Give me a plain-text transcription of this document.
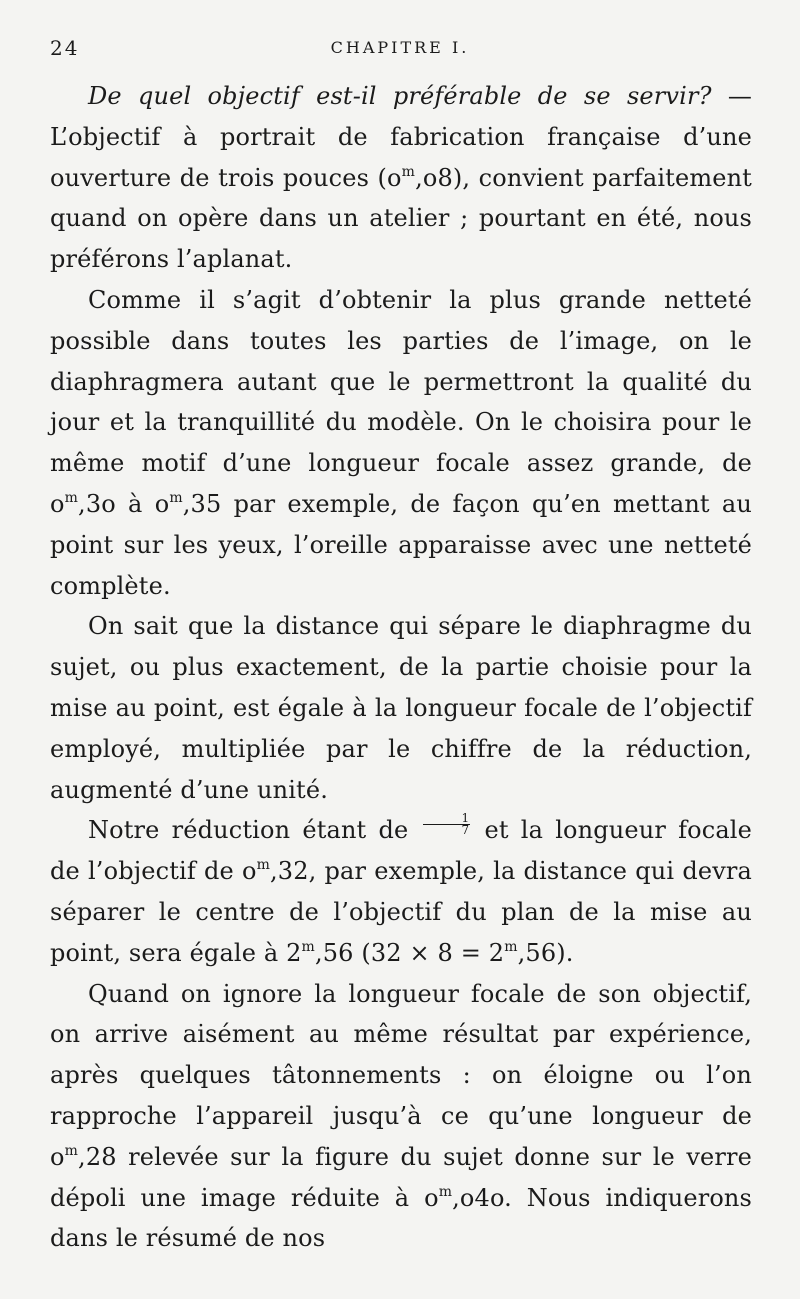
24	CHAPITRE I.

De quel objectif est-il préférable de se servir? — L’objectif à portrait de fabrication française d’une ouverture de trois pouces $(o^m,o8)$, convient parfaitement quand on opère dans un atelier ; pourtant en été, nous préférons l’aplanat.

Comme il s’agit d’obtenir la plus grande netteté possible dans toutes les parties de l’image, on le diaphragmera autant que le permettront la qualité du jour et la tranquillité du modèle. On le choisira pour le même motif d’une longueur focale assez grande, de $o^m,3o$ à $o^m,35$ par exemple, de façon qu’en mettant au point sur les yeux, l’oreille apparaisse avec une netteté complète.

On sait que la distance qui sépare le diaphragme du sujet, ou plus exactement, de la partie choisie pour la mise au point, est égale à la longueur focale de l’objectif employé, multipliée par le chiffre de la réduction, augmenté d’une unité.

Notre réduction étant de $\frac{1}{7}$ et la longueur focale de l’objectif de $o^m,32$, par exemple, la distance qui devra séparer le centre de l’objectif du plan de la mise au point, sera égale à 2$^m$,56 $(32 \times 8 = 2^m,56)$.

Quand on ignore la longueur focale de son objectif, on arrive aisément au même résultat par expérience, après quelques tâtonnements : on éloigne ou l’on rapproche l’appareil jusqu’à ce qu’une longueur de $o^m,28$ relevée sur la figure du sujet donne sur le verre dépoli une image réduite à $o^m,o4o$. Nous indiquerons dans le résumé de nos
